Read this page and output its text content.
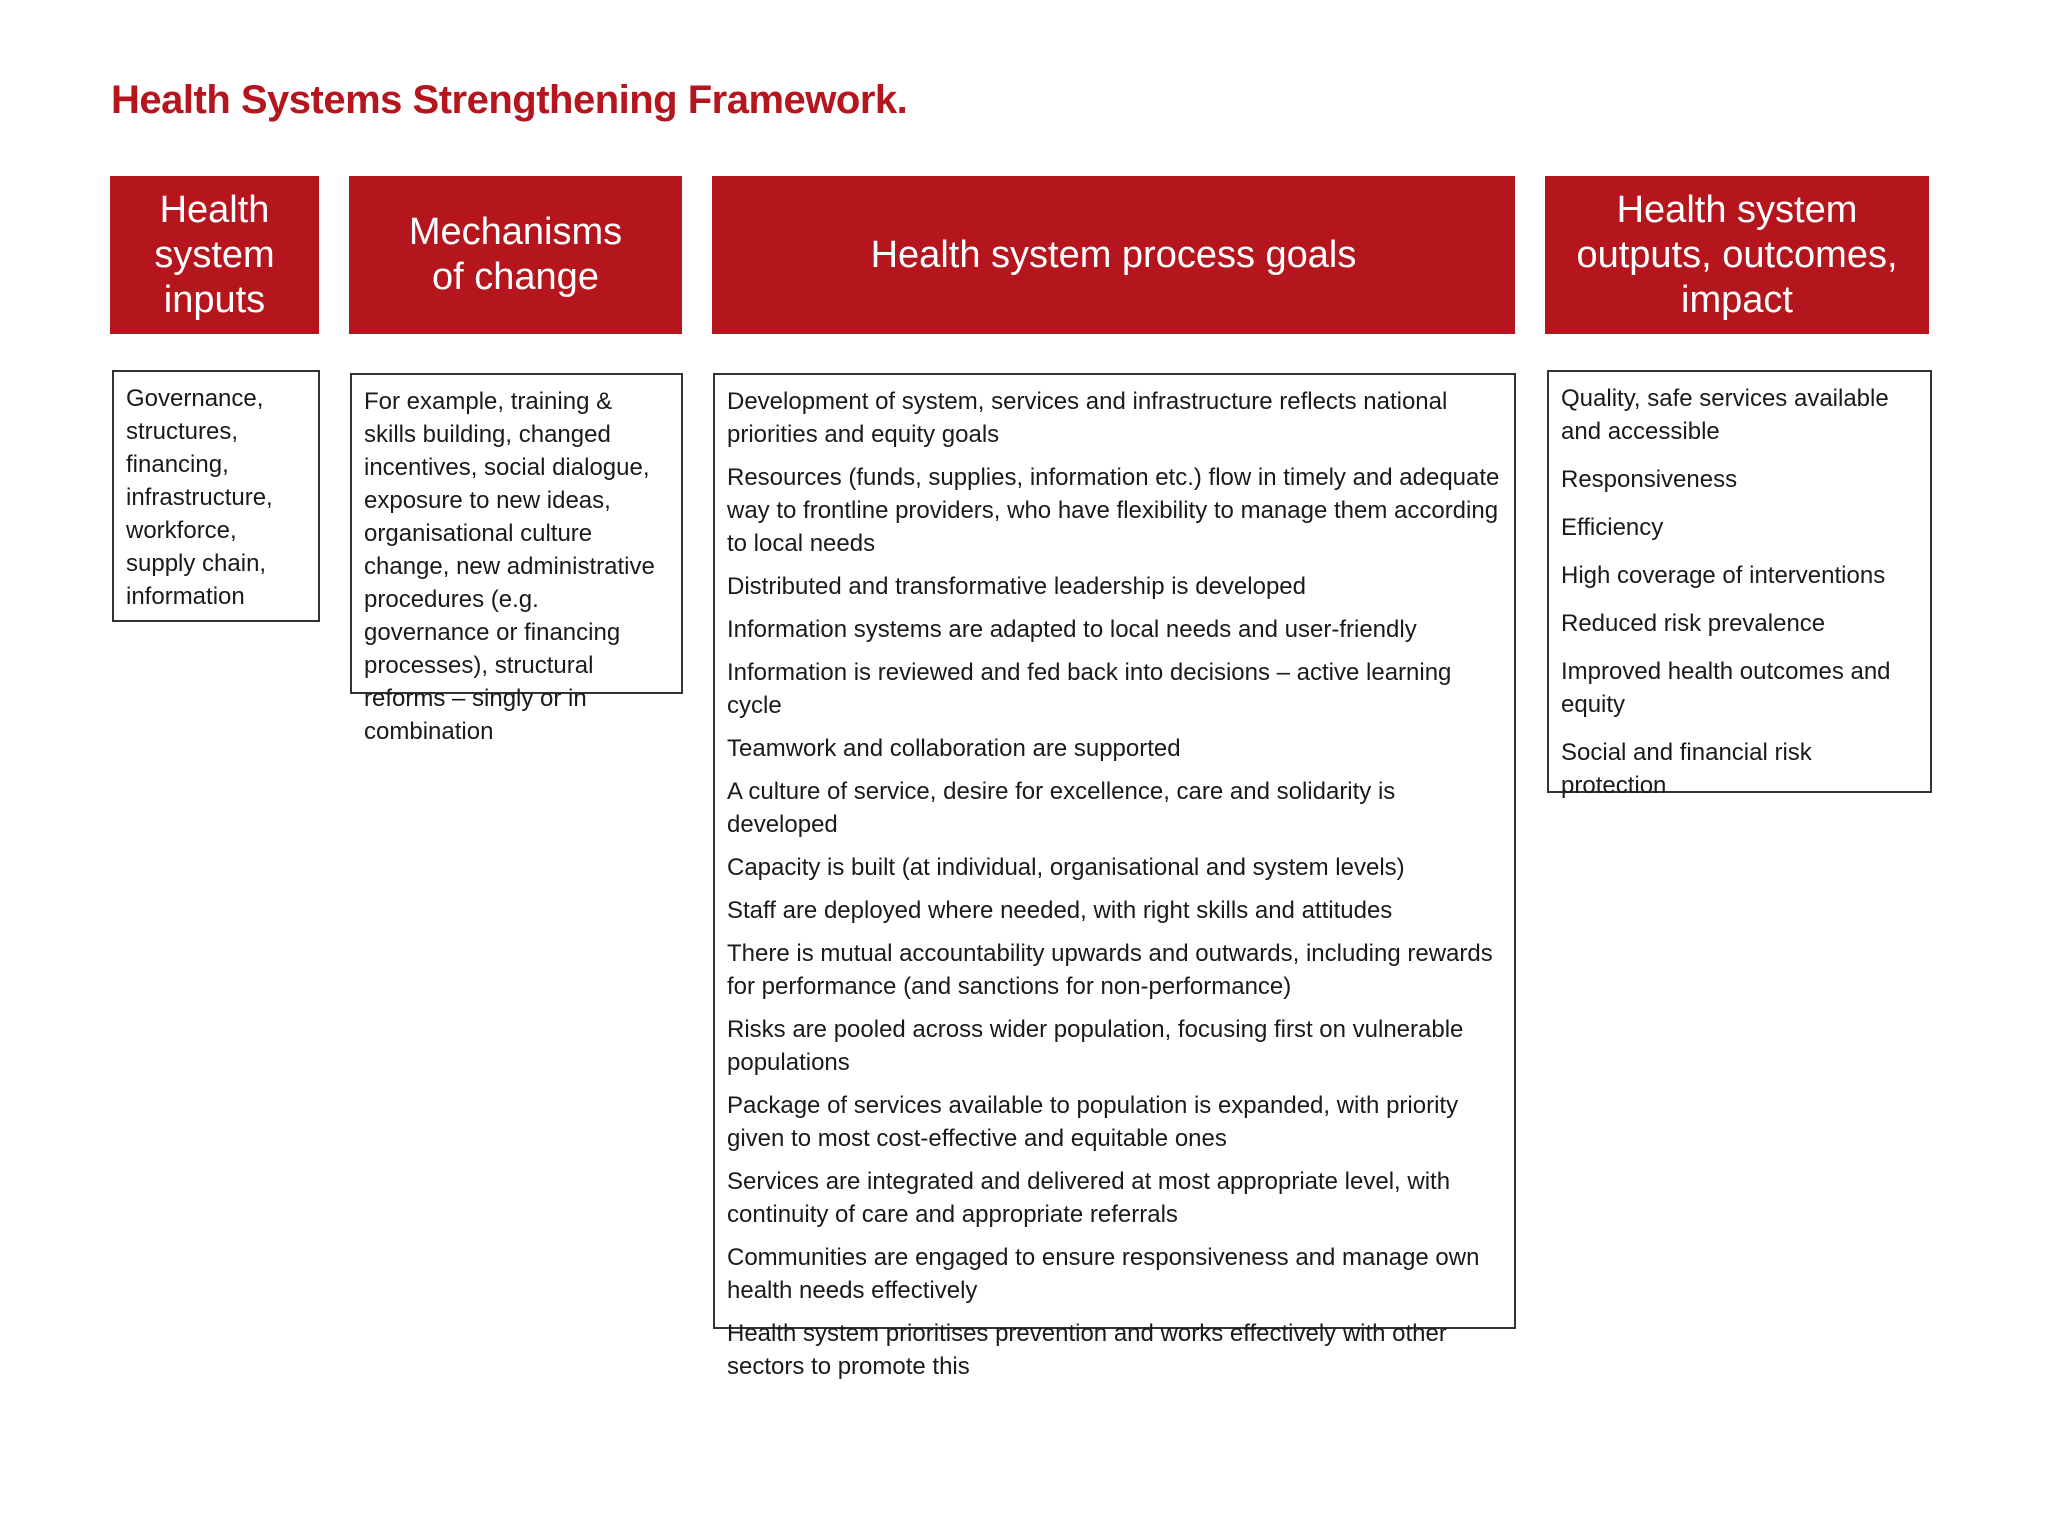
Health Systems Strengthening Framework.
Health
system
inputs
Mechanisms
of change
Health system process goals
Health system
outputs, outcomes,
impact
Governance,
structures,
financing,
infrastructure,
workforce,
supply chain,
information
For example, training & skills building, changed incentives, social dialogue, exposure to new ideas, organisational culture change, new administrative procedures (e.g. governance or financing processes), structural reforms – singly or in combination
Development of system, services and infrastructure reflects national priorities and equity goals
Resources (funds, supplies, information etc.) flow in timely and adequate way to frontline providers, who have flexibility to manage them according to local needs
Distributed and transformative leadership is developed
Information systems are adapted to local needs and user-friendly
Information is reviewed and fed back into decisions – active learning cycle
Teamwork and collaboration are supported
A culture of service, desire for excellence, care and solidarity is developed
Capacity is built (at individual, organisational and system levels)
Staff are deployed where needed, with right skills and attitudes
There is mutual accountability upwards and outwards, including rewards for performance (and sanctions for non-performance)
Risks are pooled across wider population, focusing first on vulnerable populations
Package of services available to population is expanded, with priority given to most cost-effective and equitable ones
Services are integrated and delivered at most appropriate level, with continuity of care and appropriate referrals
Communities are engaged to ensure responsiveness and manage own health needs effectively
Health system prioritises prevention and works effectively with other sectors to promote this
Quality, safe services available and accessible
Responsiveness
Efficiency
High coverage of interventions
Reduced risk prevalence
Improved health outcomes and equity
Social and financial risk protection
